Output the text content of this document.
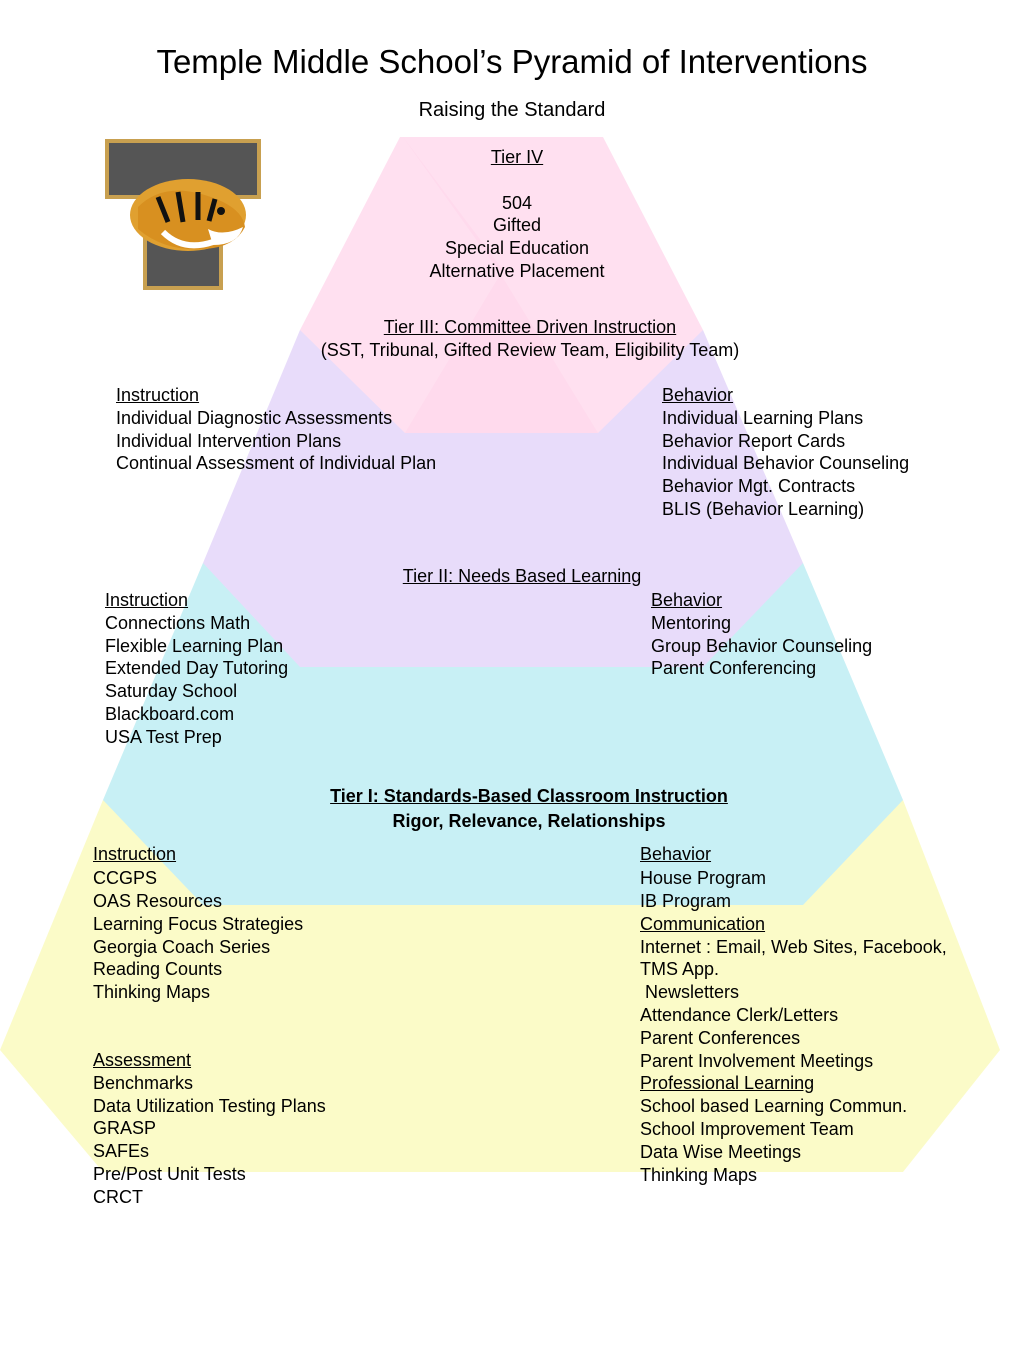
Temple Middle School’s Pyramid of Interventions
Raising the Standard
Tier IV
504
Gifted
Special Education
Alternative Placement
Tier III: Committee Driven Instruction
(SST, Tribunal, Gifted Review Team, Eligibility Team)
Instruction
Individual Diagnostic Assessments
Individual Intervention Plans
Continual Assessment of Individual Plan
Behavior
Individual Learning Plans
Behavior Report Cards
Individual Behavior Counseling
Behavior Mgt. Contracts
BLIS (Behavior Learning)
Tier II: Needs Based Learning
Instruction
Connections Math
Flexible Learning Plan
Extended Day Tutoring
Saturday School
Blackboard.com
USA Test Prep
Behavior
Mentoring
Group Behavior Counseling
Parent Conferencing
Tier I: Standards-Based Classroom Instruction
Rigor, Relevance, Relationships
Instruction
CCGPS
OAS Resources
Learning Focus Strategies
Georgia Coach Series
Reading Counts
Thinking Maps
Assessment
Benchmarks
Data Utilization Testing Plans
GRASP
SAFEs
Pre/Post Unit Tests
CRCT
Behavior
House Program
IB Program
Communication
Internet : Email, Web Sites, Facebook,
TMS App.
Newsletters
Attendance Clerk/Letters
Parent Conferences
Parent Involvement Meetings
Professional Learning
School based Learning Commun.
School Improvement Team
Data Wise Meetings
Thinking Maps
